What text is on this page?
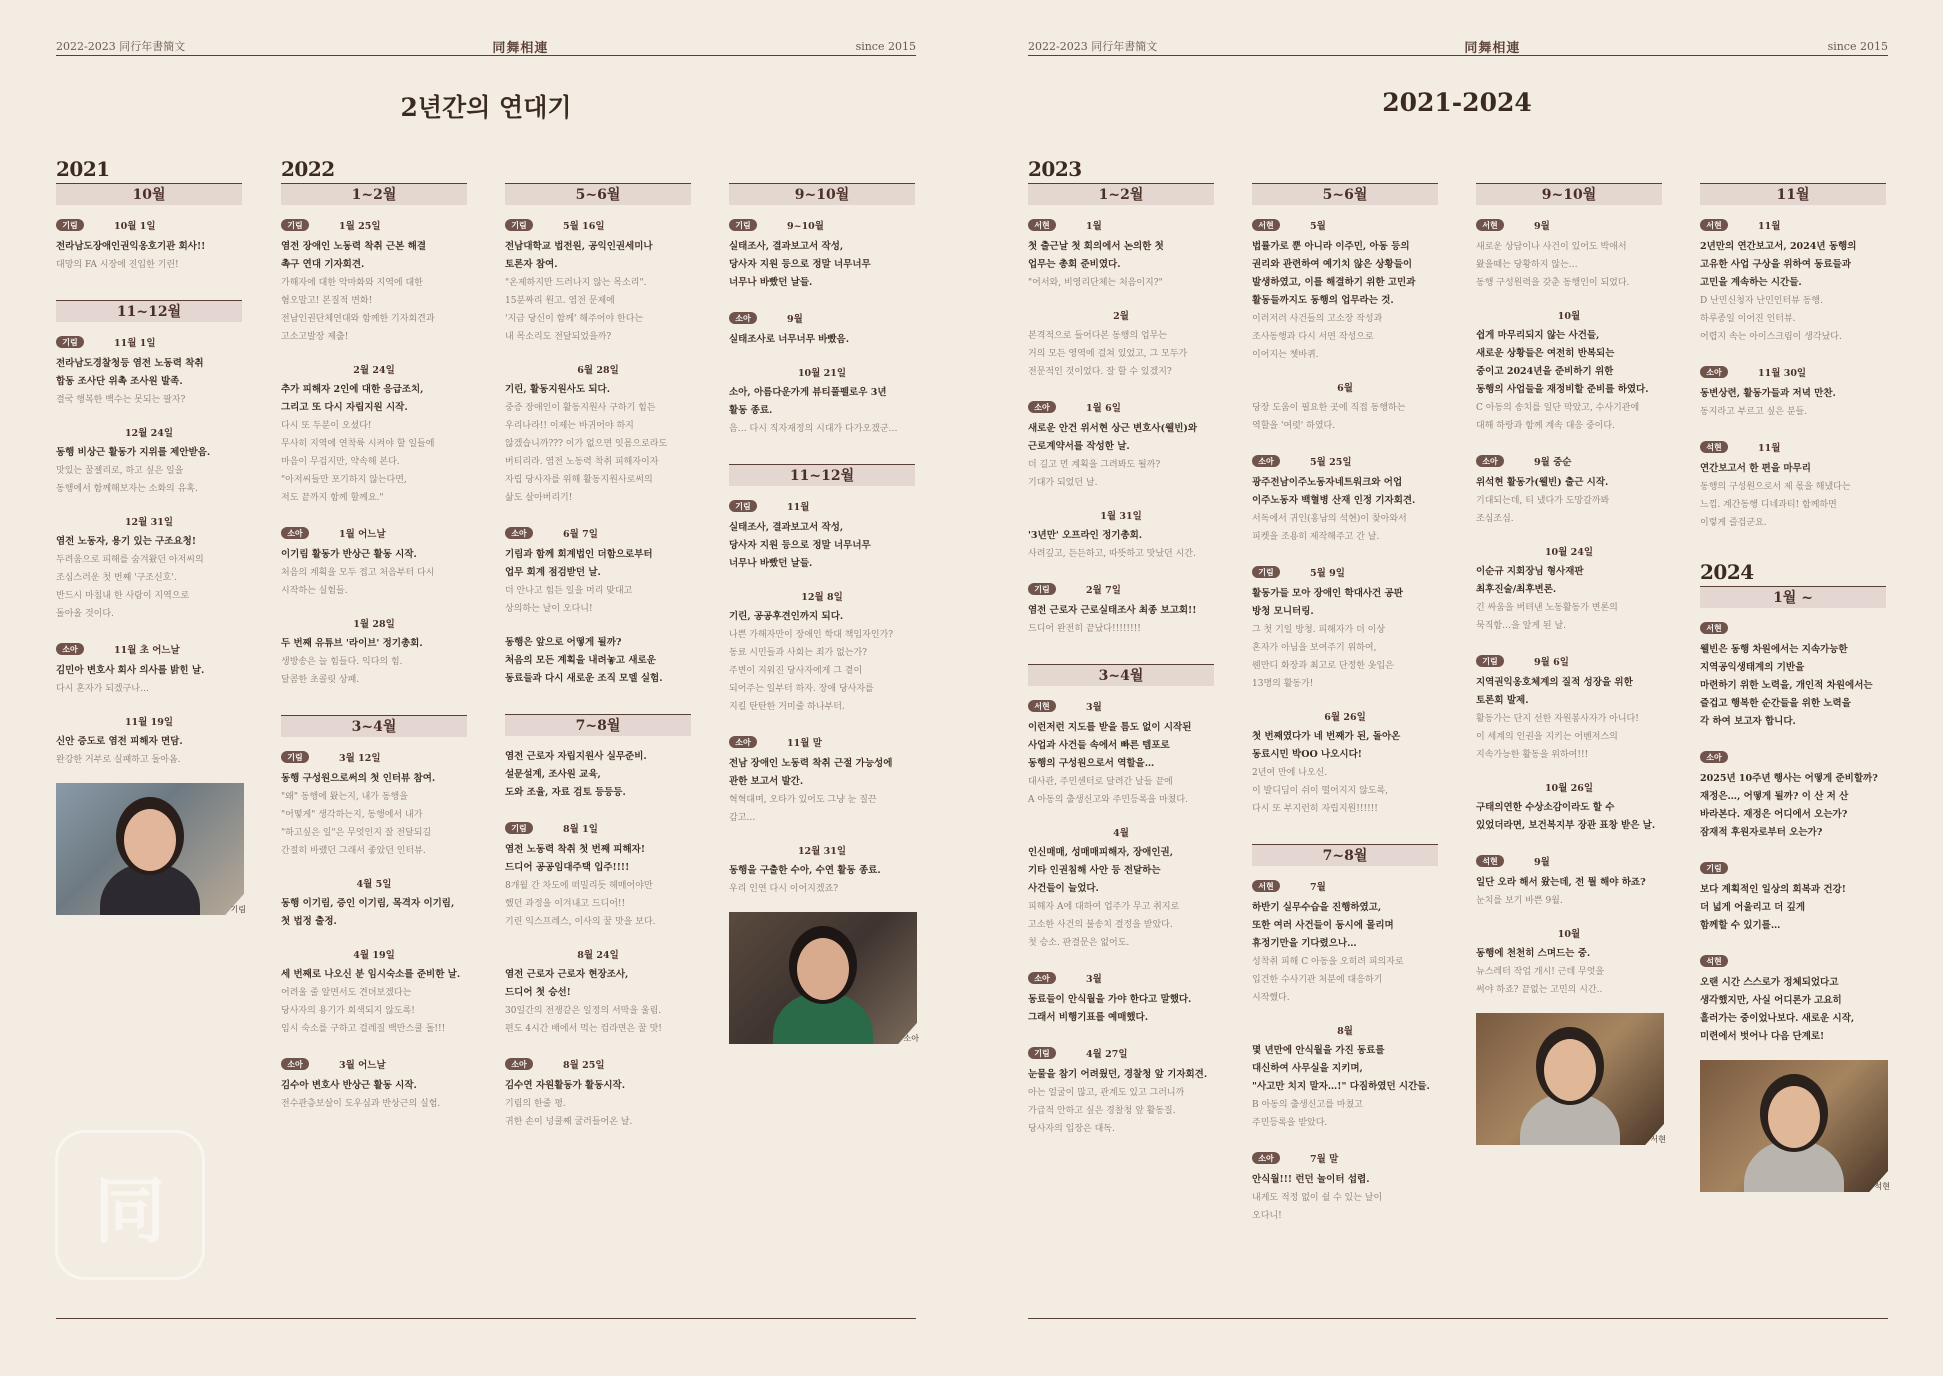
2022-2023 同行年書簡文	同舞相連	since 2015
2년간의 연대기
同
2021
10월
기림	10월 1일
전라남도장애인권익옹호기관 회사!!
대망의 FA 시장에 진입한 기린!
11~12월
기림	11월 1일
전라남도경찰청등 염전 노동력 착취
합동 조사단 위촉 조사원 발족.
결국 행복한 백수는 못되는 팔자?
12월 24일
동행 비상근 활동가 지위를 제안받음.
맛있는 꿀젤리로, 하고 싶은 일을
동행에서 함께해보자는 소화의 유혹.
12월 31일
염전 노동자, 용기 있는 구조요청!
두려움으로 피해를 숨겨왔던 아저씨의
조심스러운 첫 번째 '구조신호'.
반드시 마침내 한 사람이 지역으로
돌아올 것이다.
소아	11월 초 어느날
김민아 변호사 회사 의사를 밝힌 날.
다시 혼자가 되겠구나…
11월 19일
신안 증도로 염전 피해자 면담.
완강한 거부로 실패하고 돌아옴.
기림
2022
1~2월
기림	1월 25일
염전 장애인 노동력 착취 근본 해결
촉구 연대 기자회견.
가해자에 대한 악마화와 지역에 대한
혐오말고! 본질적 변화!
전남인권단체연대와 함께한 기자회견과
고소고발장 제출!
2월 24일
추가 피해자 2인에 대한 응급조치,
그리고 또 다시 자립지원 시작.
다시 또 두분이 오셨다!
무사히 지역에 연착륙 시켜야 할 일들에
마음이 무겁지만, 약속해 본다.
"아저씨들만 포기하지 않는다면,
저도 끝까지 함께 할께요."
소아	1월 어느날
이기림 활동가 반상근 활동 시작.
처음의 계획을 모두 접고 처음부터 다시
시작하는 실험들.
1월 28일
두 번째 유튜브 '라이브' 정기총회.
생방송은 늘 힘들다. 익다의 힘.
달콤한 초콜릿 상패.
3~4월
기림	3월 12일
동행 구성원으로써의 첫 인터뷰 참여.
"왜" 동행에 왔는지, 내가 동행을
"어떻게" 생각하는지, 동행에서 내가
"하고싶은 일"은 무엇인지 잘 전달되길
간절히 바랬던 그래서 좋았던 인터뷰.
4월 5일
동행 이기림, 증인 이기림, 목격자 이기림,
첫 법정 출정.
4월 19일
세 번째로 나오신 분 임시숙소를 준비한 날.
어려울 줄 알면서도 견뎌보겠다는
당사자의 용기가 회색되지 않도록!
임시 숙소를 구하고 걸레질 백만스쿨 돌!!!
소아	3월 어느날
김수아 변호사 반상근 활동 시작.
전수관층보살이 도우심과 반상근의 실험.
5~6월
기림	5월 16일
전남대학교 법전원, 공익인권세미나
토론자 참여.
"온제하지만 드러나지 않는 목소리".
15분짜리 원고. 염전 문제에
'지금 당신이 함께' 해주어야 한다는
내 목소리도 전달되었을까?
6월 28일
기린, 활동지원사도 되다.
중증 장애인이 활동지원사 구하기 힘든
우리나라!! 이제는 바귀어야 하지
않겠습니까??? 이가 없으면 잇몸으로라도
버티리라. 염전 노동력 착취 피해자이자
자립 당사자를 위해 활동지원사로써의
삶도 살아버리기!
소아	6월 7일
기림과 함께 회계법인 더함으로부터
업무 회계 점검받던 날.
더 안나고 힘든 일을 머리 맞대고
상의하는 날이 오다니!
동행은 앞으로 어떻게 될까?
처음의 모든 계획을 내려놓고 새로운
동료들과 다시 새로운 조직 모델 실험.
7~8월
염전 근로자 자립지원사 실무준비.
설문설계, 조사원 교육,
도와 조율, 자료 검토 등등등.
기림	8월 1일
염전 노동력 착취 첫 번째 피해자!
드디어 공공임대주택 입주!!!!
8개월 간 차도에 떠밀리듯 헤매어야만
했던 과정을 이겨내고 드디어!!
기린 익스프레스, 이사의 꿀 맛을 보다.
8월 24일
염전 근로자 근로자 현장조사,
드디어 첫 승선!
30일간의 전쟁같은 일정의 서막을 울림.
편도 4시간 배에서 먹는 컵라면은 꿀 맛!
소아	8월 25일
김수연 자원활동가 활동시작.
기림의 한줄 평.
귀한 손이 넝쿨째 굴러들어온 날.
9~10월
기림	9~10월
실태조사, 결과보고서 작성,
당사자 지원 등으로 정말 너무너무
너무나 바빴던 날들.
소아	9월
실태조사로 너무너무 바빴음.
10월 21일
소아, 아름다운가게 뷰티풀펠로우 3년
활동 종료.
음… 다시 직자재정의 시대가 다가오겠군…
11~12월
기림	11월
실태조사, 결과보고서 작성,
당사자 지원 등으로 정말 너무너무
너무나 바빴던 날들.
12월 8일
기린, 공공후견인까지 되다.
나쁜 가해자만이 장애인 학대 책임자인가?
동료 시민들과 사회는 죄가 없는가?
주변이 지워진 당사자에게 그 곁이
되어주는 일부터 하자. 장애 당사자를
지킬 탄탄한 거미줄 하나부터.
소아	11월 말
전남 장애인 노동력 착취 근절 가능성에
관한 보고서 발간.
혁혁대며, 오타가 있어도 그냥 눈 질끈
감고…
12월 31일
동행을 구출한 수아, 수연 활동 종료.
우리 인연 다시 이어지겠죠?
소아
2022-2023 同行年書簡文	同舞相連	since 2015
2021-2024
2023
1~2월
서현	1월
첫 출근날 첫 회의에서 논의한 첫
업무는 총회 준비였다.
"어서와, 비영리단체는 처음이지?"
2월
본격적으로 들어다본 동행의 업무는
거의 모든 영역에 걸쳐 있었고, 그 모두가
전문적인 것이었다. 잘 할 수 있겠지?
소아	1월 6일
새로운 안건 위서현 상근 변호사(웰빈)와
근로계약서를 작성한 날.
더 길고 먼 계획을 그려봐도 될까?
기대가 되었던 날.
1월 31일
'3년만' 오프라인 정기총회.
사려깊고, 든든하고, 따뜻하고 맛났던 시간.
기림	2월 7일
염전 근로자 근로실태조사 최종 보고회!!
드디어 완전히 끝났다!!!!!!!!
3~4월
서현	3월
이런저런 지도를 받을 틈도 없이 시작된
사업과 사건들 속에서 빠른 템포로
동행의 구성원으로서 역할을…
대사관, 주민센터로 달려간 날들 끝에
A 아동의 출생신고와 주민등록을 마쳤다.
4월
인신매매, 성매매피해자, 장애인권,
기타 인권침해 사안 등 전달하는
사건들이 늘었다.
피해자 A에 대하여 업주가 무고 취지로
고소한 사건의 불송치 결정을 받았다.
첫 승소. 판결문은 없어도.
소아	3월
동료들이 안식월을 가야 한다고 말했다.
그래서 비행기표를 예매했다.
기림	4월 27일
눈물을 참기 어려웠던, 경찰청 앞 기자회견.
아는 얼굴이 많고, 관계도 있고 그러니까
가급적 안하고 싶은 경찰청 앞 활동질.
당사자의 입장은 대독.
5~6월
서현	5월
법률가로 뿐 아니라 이주민, 아동 등의
권리와 관련하여 예기치 않은 상황들이
발생하였고, 이를 해결하기 위한 고민과
활동들까지도 동행의 업무라는 것.
이러저러 사건들의 고소장 작성과
조사동행과 다시 서면 작성으로
이어지는 쳇바퀴.
6월
당장 도움이 필요한 곳에 직접 동행하는
역할을 '여럿' 하였다.
소아	5월 25일
광주전남이주노동자네트워크와 어업
이주노동자 백혈병 산재 인정 기자회견.
서독에서 귀인(홍남의 석현)이 찾아와서
피켓을 조용히 제작해주고 간 날.
기림	5월 9일
활동가들 모아 장애인 학대사건 공판
방청 모니터링.
그 첫 기일 방청. 피해자가 더 이상
혼자가 아님을 보여주기 위하여,
웬만디 화장과 최고로 단정한 옷입은
13명의 활동가!
6월 26일
첫 번째였다가 네 번째가 된, 돌아온
동료시민 박OO 나오시다!
2년여 만에 나오신.
이 발디딤이 쉬이 떨어지지 않도록,
다시 또 부지런히 자립지원!!!!!!
7~8월
서현	7월
하반기 실무수습을 진행하였고,
또한 여러 사건들이 동시에 몰리며
휴정기만을 기다렸으나…
성착취 피해 C 아동을 오히려 피의자로
입건한 수사기관 처분에 대응하기
시작했다.
8월
몇 년만에 안식월을 가진 동료를
대신하여 사무실을 지키며,
"사고만 치지 말자…!" 다짐하였던 시간들.
B 아동의 출생신고를 마쳤고
주민등록을 받았다.
소아	7월 말
안식월!!! 런던 놀이터 섭렵.
내게도 적정 없이 쉴 수 있는 날이
오다니!
9~10월
서현	9월
새로운 상담이나 사건이 있어도 박애서
왔을때는 당황하지 않는…
동행 구성원력을 갖춘 동행인이 되었다.
10월
쉽게 마무리되지 않는 사건들,
새로운 상황들은 여전히 반복되는
중이고 2024년을 준비하기 위한
동행의 사업들을 재정비할 준비를 하였다.
C 아동의 송치를 일단 막았고, 수사기관에
대해 하랑과 함께 계속 대응 중이다.
소아	9월 중순
위석현 활동가(웰빈) 출근 시작.
기대되는데, 티 냈다가 도망갈까봐
조심조심.
10월 24일
이순규 지회장님 형사재판
최후진술/최후변론.
긴 싸움을 버텨낸 노동활동가 변론의
묵직함…을 알게 된 날.
기림	9월 6일
지역권익옹호체계의 질적 성장을 위한
토론회 발제.
활동가는 단지 선한 자원봉사자가 아니다!
이 세계의 인권을 지키는 어벤저스의
지속가능한 활동을 위하여!!!
10월 26일
구태의연한 수상소감이라도 할 수
있었더라면, 보건복지부 장관 표창 받은 날.
석현	9월
일단 오라 해서 왔는데, 전 뭘 해야 하죠?
눈치를 보기 바쁜 9월.
10월
동행에 천천히 스며드는 중.
뉴스레터 작업 개시! 근데 무엇을
써야 하죠? 끝없는 고민의 시간..
서현
11월
서현	11월
2년만의 연간보고서, 2024년 동행의
고유한 사업 구상을 위하여 동료들과
고민을 계속하는 시간들.
D 난민신청자 난민인터뷰 동행.
하루종일 이어진 인터뷰.
어렵지 속는 아이스크림이 생각났다.
소아	11월 30일
동변상련, 활동가들과 저녁 만찬.
동지라고 부르고 싶은 분들.
석현	11월
연간보고서 한 편을 마무리
동행의 구성원으로서 제 몫을 해냈다는
느낌. 계간동행 디네과티! 함께하면
이렇게 즐겁군요.
2024
1월 ~
서현
웰빈은 동행 차원에서는 지속가능한
지역공익생태계의 기반을
마련하기 위한 노력을, 개인적 차원에서는
즐겁고 행복한 순간들을 위한 노력을
각 하여 보고자 합니다.
소아
2025년 10주년 행사는 어떻게 준비할까?
재정은…, 어떻게 될까? 이 산 저 산
바라본다. 재정은 어디에서 오는가?
잠재적 후원자로부터 오는가?
기림
보다 계획적인 일상의 회복과 건강!
더 넓게 어울리고 더 깊게
함께할 수 있기를…
석현
오랜 시간 스스로가 정체되었다고
생각했지만, 사실 어디론가 고요히
흘러가는 중이었나보다. 새로운 시작,
미련에서 벗어나 다음 단계로!
석현
